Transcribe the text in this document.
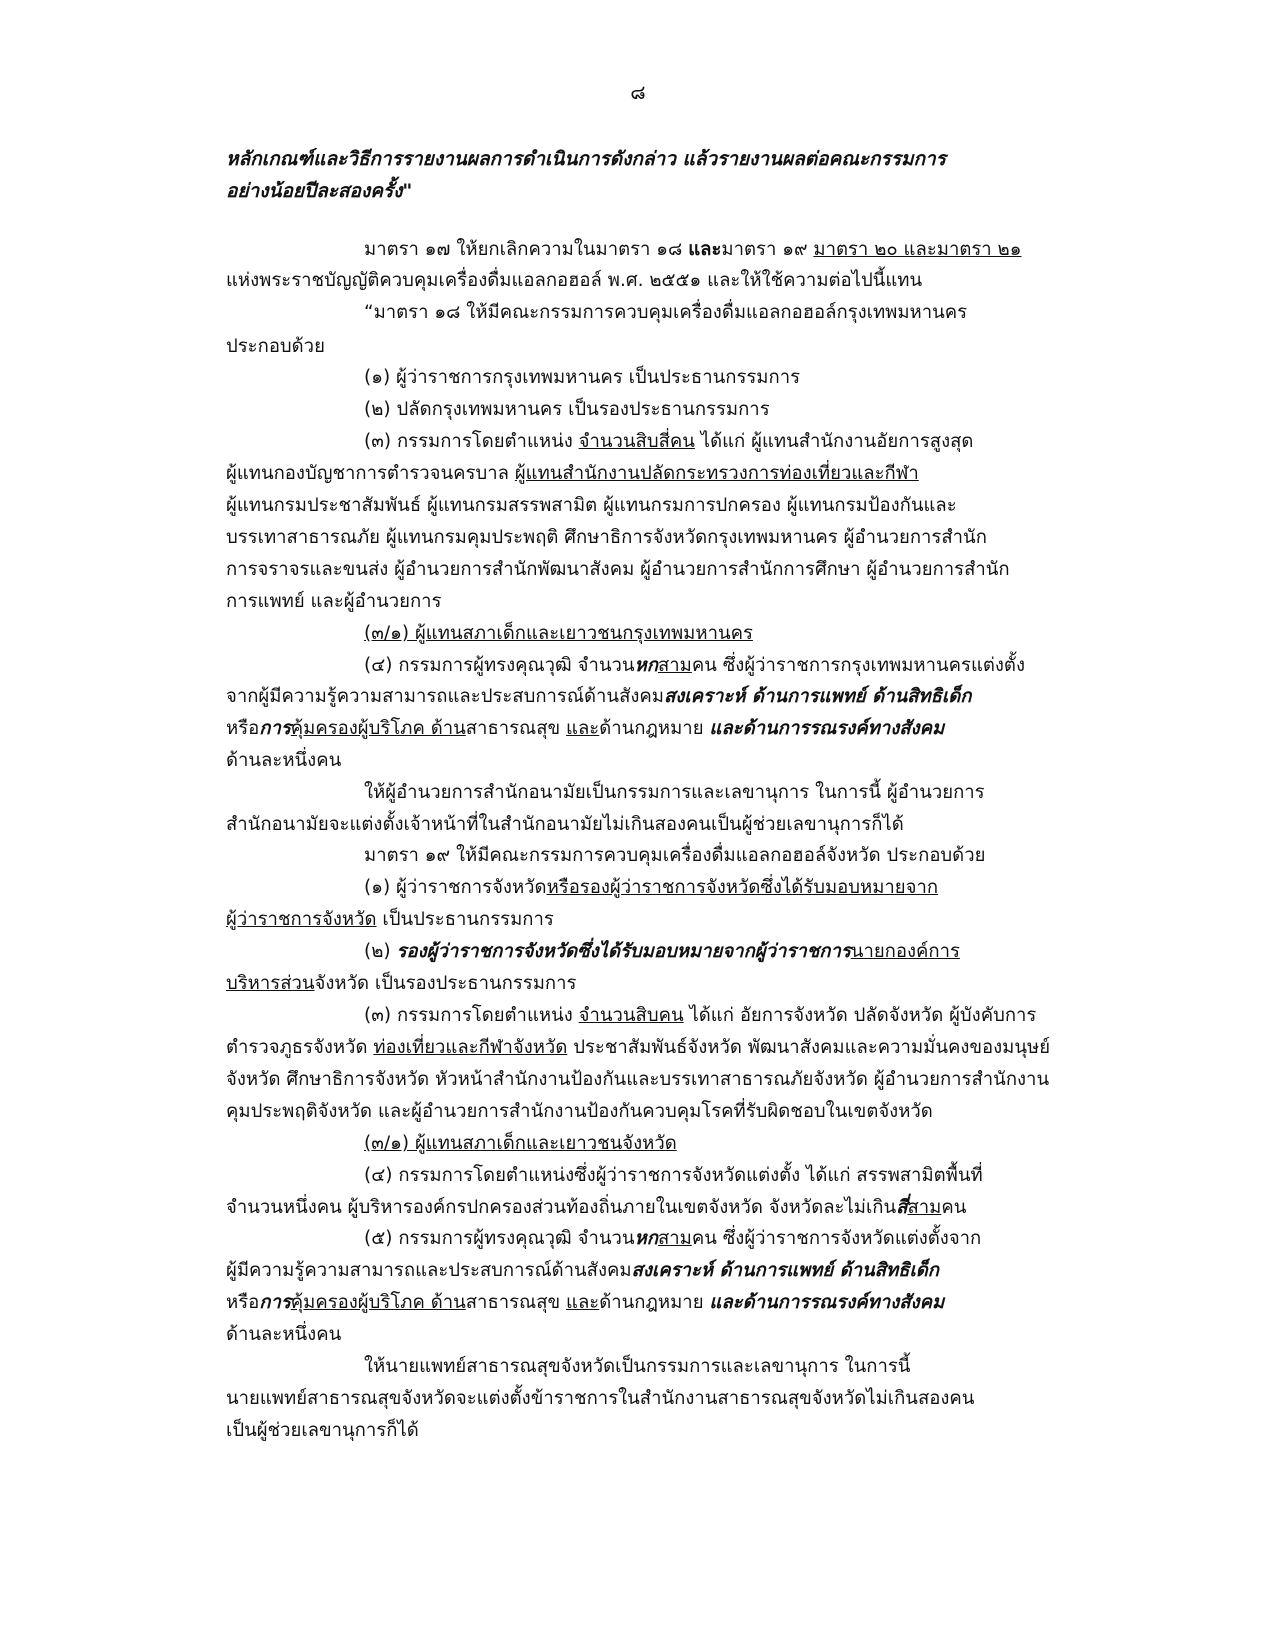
๘
หลักเกณฑ์และวิธีการรายงานผลการดำเนินการดังกล่าว แล้วรายงานผลต่อคณะกรรมการ
อย่างน้อยปีละสองครั้ง"
มาตรา ๑๗ ให้ยกเลิกความในมาตรา ๑๘ และมาตรา ๑๙ มาตรา ๒๐ และมาตรา ๒๑
แห่งพระราชบัญญัติควบคุมเครื่องดื่มแอลกอฮอล์ พ.ศ. ๒๕๕๑ และให้ใช้ความต่อไปนี้แทน
“มาตรา ๑๘ ให้มีคณะกรรมการควบคุมเครื่องดื่มแอลกอฮอล์กรุงเทพมหานคร
ประกอบด้วย
(๑) ผู้ว่าราชการกรุงเทพมหานคร เป็นประธานกรรมการ
(๒) ปลัดกรุงเทพมหานคร เป็นรองประธานกรรมการ
(๓) กรรมการโดยตำแหน่ง จำนวนสิบสี่คน ได้แก่ ผู้แทนสำนักงานอัยการสูงสุด
ผู้แทนกองบัญชาการตำรวจนครบาล ผู้แทนสำนักงานปลัดกระทรวงการท่องเที่ยวและกีฬา
ผู้แทนกรมประชาสัมพันธ์ ผู้แทนกรมสรรพสามิต ผู้แทนกรมการปกครอง ผู้แทนกรมป้องกันและ
บรรเทาสาธารณภัย ผู้แทนกรมคุมประพฤติ ศึกษาธิการจังหวัดกรุงเทพมหานคร ผู้อำนวยการสำนัก
การจราจรและขนส่ง ผู้อำนวยการสำนักพัฒนาสังคม ผู้อำนวยการสำนักการศึกษา ผู้อำนวยการสำนัก
การแพทย์ และผู้อำนวยการ
(๓/๑) ผู้แทนสภาเด็กและเยาวชนกรุงเทพมหานคร
(๔) กรรมการผู้ทรงคุณวุฒิ จำนวนหกสามคน ซึ่งผู้ว่าราชการกรุงเทพมหานครแต่งตั้ง
จากผู้มีความรู้ความสามารถและประสบการณ์ด้านสังคมสงเคราะห์ ด้านการแพทย์ ด้านสิทธิเด็ก
หรือการคุ้มครองผู้บริโภค ด้านสาธารณสุข และด้านกฎหมาย และด้านการรณรงค์ทางสังคม
ด้านละหนึ่งคน
ให้ผู้อำนวยการสำนักอนามัยเป็นกรรมการและเลขานุการ ในการนี้ ผู้อำนวยการ
สำนักอนามัยจะแต่งตั้งเจ้าหน้าที่ในสำนักอนามัยไม่เกินสองคนเป็นผู้ช่วยเลขานุการก็ได้
มาตรา ๑๙ ให้มีคณะกรรมการควบคุมเครื่องดื่มแอลกอฮอล์จังหวัด ประกอบด้วย
(๑) ผู้ว่าราชการจังหวัดหรือรองผู้ว่าราชการจังหวัดซึ่งได้รับมอบหมายจาก
ผู้ว่าราชการจังหวัด เป็นประธานกรรมการ
(๒) รองผู้ว่าราชการจังหวัดซึ่งได้รับมอบหมายจากผู้ว่าราชการนายกองค์การ
บริหารส่วนจังหวัด เป็นรองประธานกรรมการ
(๓) กรรมการโดยตำแหน่ง จำนวนสิบคน ได้แก่ อัยการจังหวัด ปลัดจังหวัด ผู้บังคับการ
ตำรวจภูธรจังหวัด ท่องเที่ยวและกีฬาจังหวัด ประชาสัมพันธ์จังหวัด พัฒนาสังคมและความมั่นคงของมนุษย์
จังหวัด ศึกษาธิการจังหวัด หัวหน้าสำนักงานป้องกันและบรรเทาสาธารณภัยจังหวัด ผู้อำนวยการสำนักงาน
คุมประพฤติจังหวัด และผู้อำนวยการสำนักงานป้องกันควบคุมโรคที่รับผิดชอบในเขตจังหวัด
(๓/๑) ผู้แทนสภาเด็กและเยาวชนจังหวัด
(๔) กรรมการโดยตำแหน่งซึ่งผู้ว่าราชการจังหวัดแต่งตั้ง ได้แก่ สรรพสามิตพื้นที่
จำนวนหนึ่งคน ผู้บริหารองค์กรปกครองส่วนท้องถิ่นภายในเขตจังหวัด จังหวัดละไม่เกินสี่สามคน
(๕) กรรมการผู้ทรงคุณวุฒิ จำนวนหกสามคน ซึ่งผู้ว่าราชการจังหวัดแต่งตั้งจาก
ผู้มีความรู้ความสามารถและประสบการณ์ด้านสังคมสงเคราะห์ ด้านการแพทย์ ด้านสิทธิเด็ก
หรือการคุ้มครองผู้บริโภค ด้านสาธารณสุข และด้านกฎหมาย และด้านการรณรงค์ทางสังคม
ด้านละหนึ่งคน
ให้นายแพทย์สาธารณสุขจังหวัดเป็นกรรมการและเลขานุการ ในการนี้
นายแพทย์สาธารณสุขจังหวัดจะแต่งตั้งข้าราชการในสำนักงานสาธารณสุขจังหวัดไม่เกินสองคน
เป็นผู้ช่วยเลขานุการก็ได้
